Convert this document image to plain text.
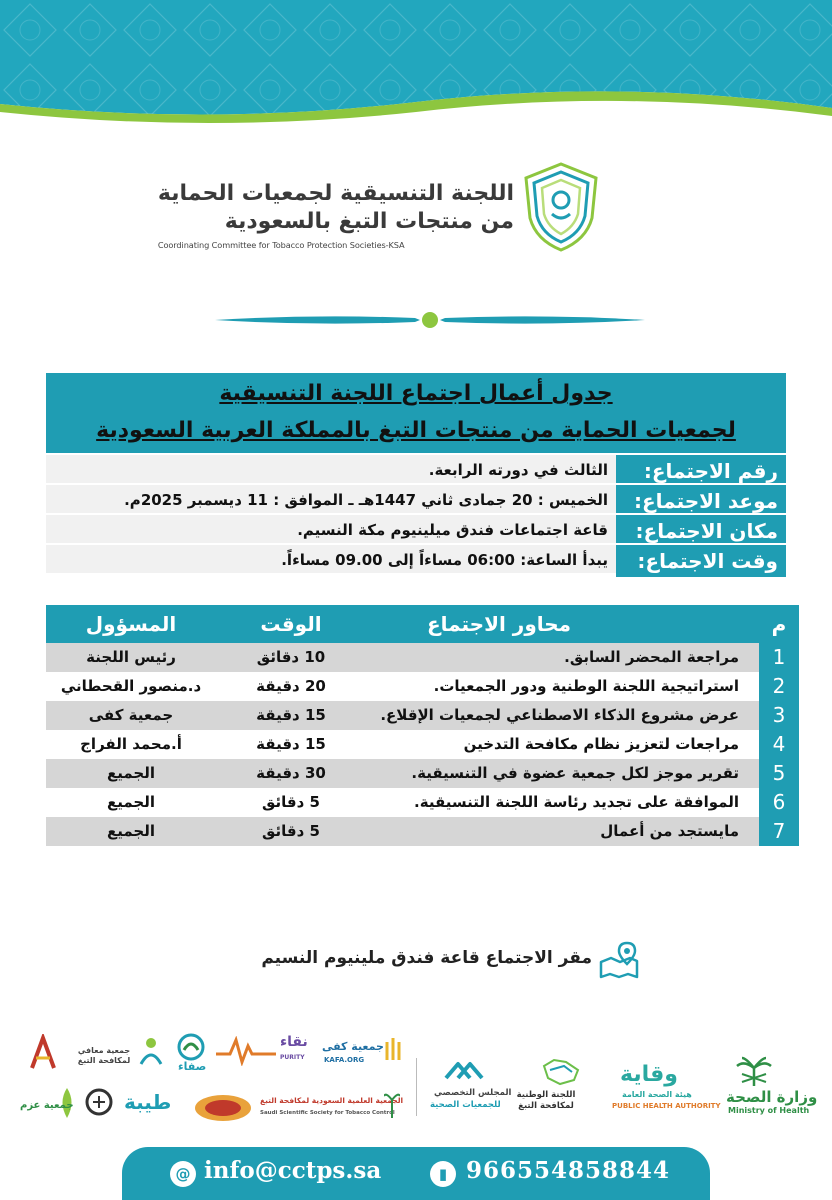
اللجنة التنسيقية لجمعيات الحماية
من منتجات التبغ بالسعودية
Coordinating Committee for Tobacco Protection Societies-KSA
جدول أعمال اجتماع اللجنة التنسيقية
لجمعيات الحماية من منتجات التبغ بالمملكة العربية السعودية
رقم الاجتماع:
الثالث في دورته الرابعة.
موعد الاجتماع:
الخميس : 20 جمادى ثاني 1447هـ ـ الموافق : 11 ديسمبر 2025م.
مكان الاجتماع:
قاعة اجتماعات فندق ميلينيوم مكة النسيم.
وقت الاجتماع:
يبدأ الساعة: 06:00 مساءاً إلى 09.00 مساءاً.
م
محاور الاجتماع
الوقت
المسؤول
1
مراجعة المحضر السابق.
10 دقائق
رئيس اللجنة
2
استراتيجية اللجنة الوطنية ودور الجمعيات.
20 دقيقة
د.منصور القحطاني
3
عرض مشروع الذكاء الاصطناعي لجمعيات الإقلاع.
15 دقيقة
جمعية كفى
4
مراجعات لتعزيز نظام مكافحة التدخين
15 دقيقة
أ.محمد الفراج
5
تقرير موجز لكل جمعية عضوة في التنسيقية.
30 دقيقة
الجميع
6
الموافقة على تجديد رئاسة اللجنة التنسيقية.
5 دقائق
الجميع
7
مايستجد من أعمال
5 دقائق
الجميع
مقر الاجتماع قاعة فندق ملينيوم النسيم
وزارة الصحة
Ministry of Health
وقاية
هيئة الصحة العامة
PUBLIC HEALTH AUTHORITY
اللجنة الوطنية لمكافحة التبغ
المجلس التخصصي
للجمعيات الصحية
جمعية كفى
KAFA.ORG
نقاء
PURITY
صفاء
جمعية معافي لمكافحة التبغ
الجمعية العلمية السعودية لمكافحة التبغ
Saudi Scientific Society for Tobacco Control
طيبة
جمعية عزم
@ info@cctps.sa	▮ 966554858844
